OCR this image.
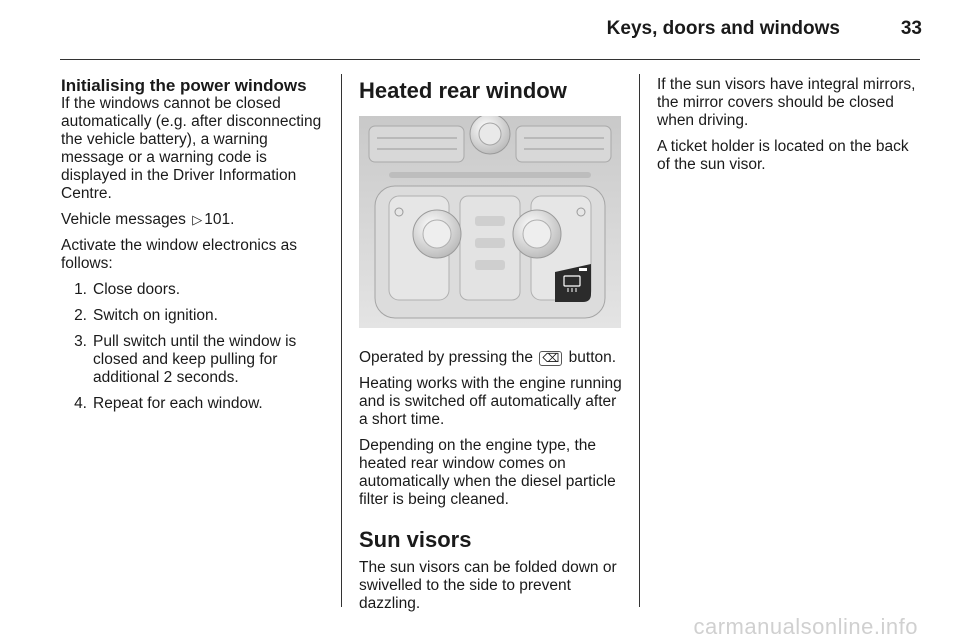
Keys, doors and windows	33
Initialising the power windows

If the windows cannot be closed automatically (e.g. after disconnecting the vehicle battery), a warning message or a warning code is displayed in the Driver Information Centre.

Vehicle messages ▷ 101.

Activate the window electronics as follows:

1. Close doors.
2. Switch on ignition.
3. Pull switch until the window is closed and keep pulling for additional 2 seconds.
4. Repeat for each window.
Heated rear window

Operated by pressing the ⌫ button.

Heating works with the engine running and is switched off automatically after a short time.

Depending on the engine type, the heated rear window comes on automatically when the diesel particle filter is being cleaned.

Sun visors

The sun visors can be folded down or swivelled to the side to prevent dazzling.

If the sun visors have integral mirrors, the mirror covers should be closed when driving.

A ticket holder is located on the back of the sun visor.

carmanualsonline.info
